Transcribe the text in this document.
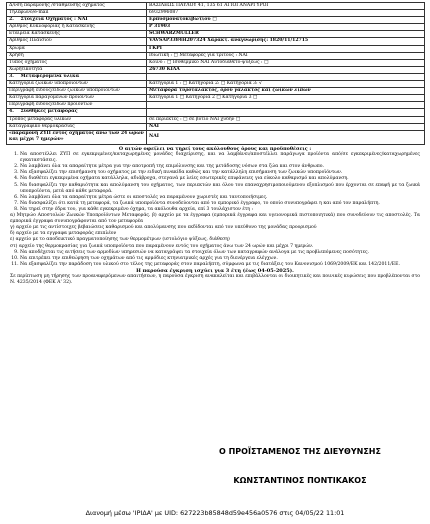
Δ/νση παραμονής /σταθμευσης οχήματος	ΒΑΣΙΛΕΩΣ ΠΑΥΛΟΥ 41, 135 61 ΑΓΙΟΙ ΑΝΑΡΓΥΡΟΙ
Τηλέφωνο/e-mail	6932996087
2. Στοιχεία Οχήματος : ΝΑΙ	Ερπυσμονατοκιβωτίου □
Αριθμός Κυκλοφορίας ή Κατασκευής	Ρ 31903
Εταιρεία Κατασκευής	SCHWARZMULLER
Αριθμός Πλαισίου	VAVSAP3384H207324 Χαρακτ. αναγνώρισης: 1820/11/12715
Χρώμα	ΓΚΡΙ
Χρήση	Ιδιωτική : □ Μεταφορές για τρίτους : ΝΑΙ
Τύπος οχήματος	Κοινό : □ Ισοθερμικό ΝΑΙ Αυτοδιάθετο-ψύξεως : □
Χωρητικότητα	26730 ΚΙΛΑ
3. Μεταφερόμενα υλικά	
Κατηγορία ζωικών υποπροϊόντων	Κατηγορία 1 : □ Κατηγορία 2: □ Κατηγορία 3: √
Περιγραφή είδους/ειδών ζωικών υποπροϊόντων	Μεταφορά τυροτάλακτος, ορού γάλακτος και ζωικών λιπών
Κατηγορία παραγόμενων προϊόντων	Κατηγορία 1 □ Κατηγορία 2 □ Κατηγορία 3 □
Περιγραφή είδους/ειδών προϊόντων	
4. Συνθήκες μεταφοράς	
Τρόπος μεταφοράς υλικών	σε περιέκτες : □ σε βυτίο ΝΑΙ χύδην □
Καταγραφικό θερμοκρασίας	ΝΑΙ
«παραμονή ΖΥΠ εντός οχήματος άνω των 24 ωρών και μέχρι 7 ημερών»	ΝΑΙ
Ο αιτών οφείλει να τηρεί τους ακόλουθους όρους και προϋποθέσεις :
1. Να αποστέλλει ΖΥΠ σε εγκεκριμένες/καταχωρημένες μονάδες διαχείρισης, και να λαμβάνει/αποστέλλει παράγωγα προϊόντα από/σε εγκεκριμένες/καταχωρημένες εγκαταστάσεις.
2. Να λαμβάνει όλα τα απαραίτητα μέτρα για την αποτροπή της επιμόλυνσης και της μετάδοσης νόσων στα ζώα και στον άνθρωπο.
3. Να εξασφαλίζει την επισήμανση του οχήματος με την ειδική πινακίδα καθώς και την κατάλληλη επισήμανση των ζωικών υποπροϊόντων.
4. Να διαθέτει εγκεκριμένα οχήματα κατάλληλα, αδιάβροχα, στεγανά με λείες εσωτερικές επιφάνειες για εύκολο καθαρισμό και απολύμανση.
5. Να διασφαλίζει την καθαριότητα και απολύμανση του οχήματος, των περιεκτών και όλου του επαναχρησιμοποιούμενου εξοπλισμού που έρχονται σε επαφή με τα ζωικά υποπροϊόντα, μετά από κάθε μεταφορά.
6. Να λαμβάνει όλα τα απαραίτητα μέτρα ώστε οι αποστολές να παραμένουν χωριστές και ταυτοποιήσιμες.
7. Να διασφαλίζει ότι κατά τη μεταφορά, τα ζωικά υποπροϊόντα συνοδεύονται από το εμπορικό έγγραφο, το οποίο συνυπογράφει η και από τον παραλήπτη.
8. Να τηρεί στην έδρα του, για κάθε εγκεκριμένο όχημα, τα ακόλουθα αρχεία, επί 3 τουλάχιστον έτη :
α) Μητρώο Αποστολών Ζωικών Υποπροϊόντων Μεταφοράς. β) αρχείο με τα έγγραφα (εμπορικά έγγραφα και υγειονομικά πιστοποιητικά) που συνοδεύουν τις αποστολές. Τα εμπορικά έγγραφα συνυπογράφονται από τον μεταφορέα
γ) αρχείο με τις αντίστοιχες βεβαιώσεις καθαρισμού και απολύμανσης που εκδίδονται από τον υπεύθυνο της μονάδας προορισμού
δ) αρχείο με τα εγγραφα μεταφοράς επιπλέον
ε) αρχείο με το αποδεικτικό πραγματοποίησης των θερμομέτρων (ιστολόγιο ψύξεως, διάθεση)
στ) αρχείο της θερμοκρασίας για ζωικά υποπροϊόντα που παραμένουν εντός του οχήματος άνω των 24 ωρών και μέχρι 7 ημερών.
9. Να αποδέχεται τις αιτήσεις των αρμοδίων υπηρεσιών να καταγράψει τα στοιχεία όλων των καταγραφών ανάλογα με τις προβλεπόμενες ποσότητες.
10. Να επιτρέπει την επιθεώρηση των οχημάτων από τις αρμόδιες κτηνιατρικές αρχές για τη διενέργεια ελέγχων.
11. Να εξασφαλίζει την παράδοση του υλικού στο τέλος της μεταφοράς στον παραλήπτη, σύμφωνα με τις διατάξεις του Κανονισμού 1069/2009/ΕΚ και 142/2011/ΕΕ.
Η παρούσα έγκριση ισχύει για 3 έτη (έως 04-05-2025).
Σε περίπτωση μη τήρησης των προαναφερόμενων απαιτήσεων, η παρούσα έγκριση ανακαλείται και επιβάλλονται οι διοικητικές και ποινικές κυρώσεις που προβλέπονται στο Ν. 4235/2014 (ΦΕΚ Α' 32).
Ο ΠΡΟΪΣΤΑΜΕΝΟΣ ΤΗΣ ΔΙΕΥΘΥΝΣΗΣ
ΚΩΝΣΤΑΝΤΙΝΟΣ ΠΟΝΤΙΚΑΚΟΣ
Διανομή μέσω 'ΙΡΙΔΑ' με UID: 627223b85848d59e456a0576 στις 04/05/22 11:01
